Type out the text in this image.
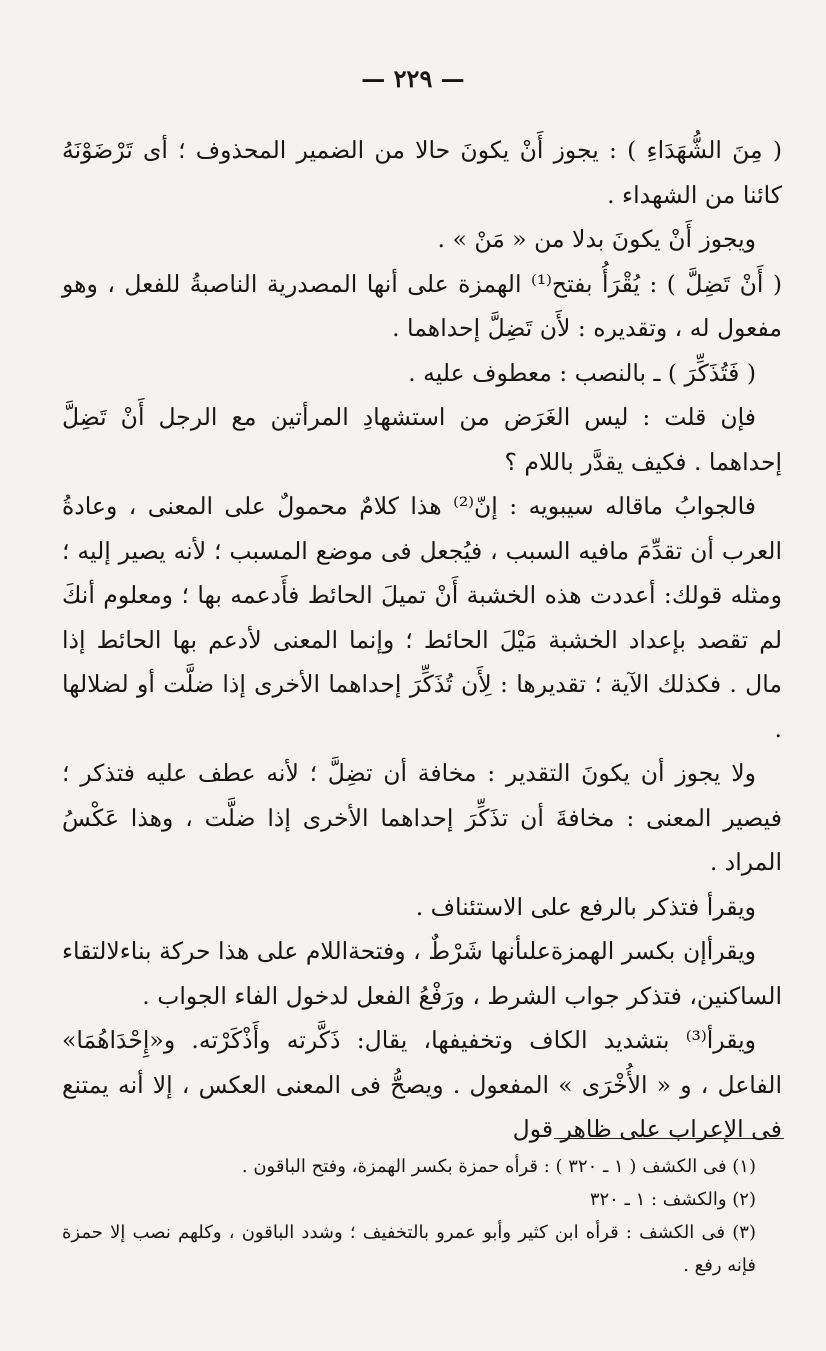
— ٢٢٩ —

( مِنَ الشُّهَدَاءِ ) : يجوز أَنْ يكونَ حالا من الضمير المحذوف ؛ أى تَرْضَوْنَهُ كائنا من الشهداء .

ويجوز أَنْ يكونَ بدلا من « مَنْ » .

( أَنْ تَضِلَّ ) : يُقْرَأُ بفتح⁽¹⁾ الهمزة على أنها المصدرية الناصبةُ للفعل ، وهو مفعول له ، وتقديره : لأَن تَضِلَّ إحداهما .

( فَتُذَكِّرَ ) ـ بالنصب : معطوف عليه .

فإن قلت : ليس الغَرَض من استشهادِ المرأتين مع الرجل أَنْ تَضِلَّ إحداهما . فكيف يقدَّر باللام ؟

فالجوابُ ماقاله سيبويه : إنّ⁽²⁾ هذا كلامٌ محمولٌ على المعنى ، وعادةُ العرب أن تقدِّمَ مافيه السبب ، فيُجعل فى موضع المسبب ؛ لأنه يصير إليه ؛ ومثله قولك: أعددت هذه الخشبة أَنْ تميلَ الحائط فأَدعمه بها ؛ ومعلوم أنكَ لم تقصد بإعداد الخشبة مَيْلَ الحائط ؛ وإنما المعنى لأدعم بها الحائط إذا مال . فكذلك الآية ؛ تقديرها : لِأَن تُذَكِّرَ إحداهما الأخرى إذا ضلَّت أو لضلالها .

ولا يجوز أن يكونَ التقدير : مخافة أن تضِلَّ ؛ لأنه عطف عليه فتذكر ؛ فيصير المعنى : مخافةَ أن تذَكِّرَ إحداهما الأخرى إذا ضلَّت ، وهذا عَكْسُ المراد .

ويقرأ فتذكر بالرفع على الاستئناف .

ويقرأإن بكسر الهمزةعلىأنها شَرْطٌ ، وفتحةاللام على هذا حركة بناءلالتقاء الساكنين، فتذكر جواب الشرط ، ورَفْعُ الفعل لدخول الفاء الجواب .

ويقرأ⁽³⁾ بتشديد الكاف وتخفيفها، يقال: ذَكَّرته وأَذْكَرْته. و«إِحْدَاهُمَا» الفاعل ، و « الأُخْرَى » المفعول . ويصحُّ فى المعنى العكس ، إلا أنه يمتنع فى الإعراب على ظاهر قول

(١) فى الكشف ( ١ ـ ٣٢٠ ) : قرأه حمزة بكسر الهمزة، وفتح الباقون .

(٢) والكشف : ١ ـ ٣٢٠

(٣) فى الكشف : قرأه ابن كثير وأبو عمرو بالتخفيف ؛ وشدد الباقون ، وكلهم نصب إلا حمزة فإنه رفع .
